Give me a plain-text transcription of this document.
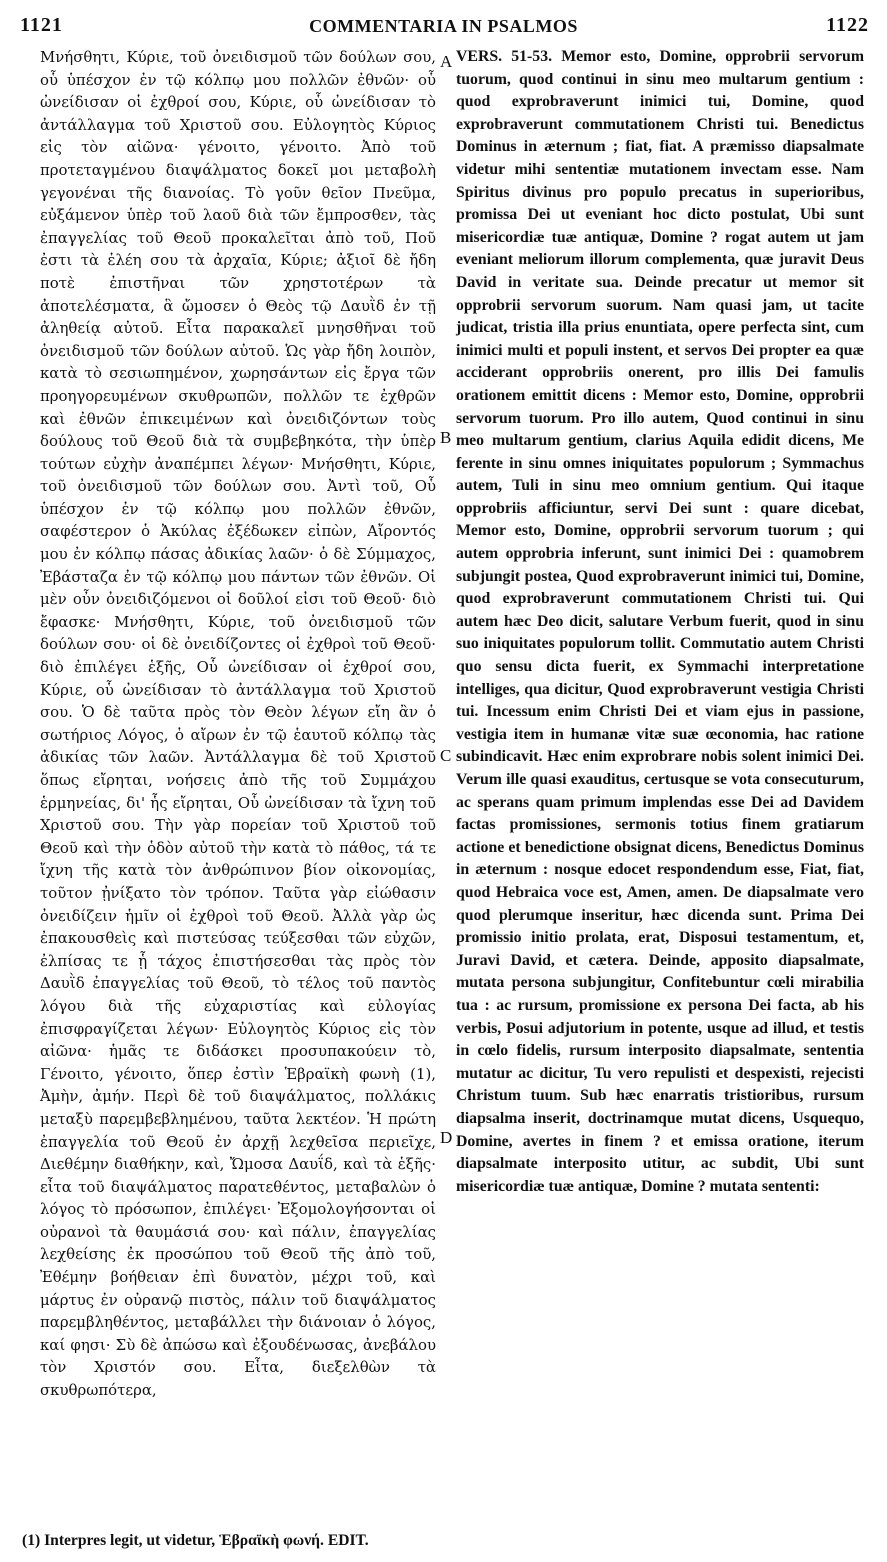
1121	COMMENTARIA IN PSALMOS	1122

Μνήσθητι, Κύριε, τοῦ ὀνειδισμοῦ τῶν δούλων σου, οὗ ὑπέσχον ἐν τῷ κόλπῳ μου πολλῶν ἐθνῶν· οὗ ὠνείδισαν οἱ ἐχθροί σου, Κύριε, οὗ ὠνείδισαν τὸ ἀντάλλαγμα τοῦ Χριστοῦ σου. Εὐλογητὸς Κύριος εἰς τὸν αἰῶνα· γένοιτο, γένοιτο. Ἀπὸ τοῦ προτεταγμένου διαψάλματος δοκεῖ μοι μεταβολὴ γεγονέναι τῆς διανοίας. Τὸ γοῦν θεῖον Πνεῦμα, εὐξάμενον ὑπὲρ τοῦ λαοῦ διὰ τῶν ἔμπροσθεν, τὰς ἐπαγγελίας τοῦ Θεοῦ προκαλεῖται ἀπὸ τοῦ, Ποῦ ἐστι τὰ ἐλέη σου τὰ ἀρχαῖα, Κύριε; ἀξιοῖ δὲ ἤδη ποτὲ ἐπιστῆναι τῶν χρηστοτέρων τὰ ἀποτελέσματα, ἃ ὤμοσεν ὁ Θεὸς τῷ Δαυῒδ ἐν τῇ ἀληθείᾳ αὐτοῦ. Εἶτα παρακαλεῖ μνησθῆναι τοῦ ὀνειδισμοῦ τῶν δούλων αὐτοῦ. Ὡς γὰρ ἤδη λοιπὸν, κατὰ τὸ σεσιωπημένον, χωρησάντων εἰς ἔργα τῶν προηγορευμένων σκυθρωπῶν, πολλῶν τε ἐχθρῶν καὶ ἐθνῶν ἐπικειμένων καὶ ὀνειδιζόντων τοὺς δούλους τοῦ Θεοῦ διὰ τὰ συμβεβηκότα, τὴν ὑπὲρ τούτων εὐχὴν ἀναπέμπει λέγων· Μνήσθητι, Κύριε, τοῦ ὀνειδισμοῦ τῶν δούλων σου. Ἀντὶ τοῦ, Οὗ ὑπέσχον ἐν τῷ κόλπῳ μου πολλῶν ἐθνῶν, σαφέστερον ὁ Ἀκύλας ἐξέδωκεν εἰπὼν, Αἴροντός μου ἐν κόλπῳ πάσας ἀδικίας λαῶν· ὁ δὲ Σύμμαχος, Ἐβάσταζα ἐν τῷ κόλπῳ μου πάντων τῶν ἐθνῶν. Οἱ μὲν οὖν ὀνειδιζόμενοι οἱ δοῦλοί εἰσι τοῦ Θεοῦ· διὸ ἔφασκε· Μνήσθητι, Κύριε, τοῦ ὀνειδισμοῦ τῶν δούλων σου· οἱ δὲ ὀνειδίζοντες οἱ ἐχθροὶ τοῦ Θεοῦ· διὸ ἐπιλέγει ἑξῆς, Οὗ ὠνείδισαν οἱ ἐχθροί σου, Κύριε, οὗ ὠνείδισαν τὸ ἀντάλλαγμα τοῦ Χριστοῦ σου. Ὁ δὲ ταῦτα πρὸς τὸν Θεὸν λέγων εἴη ἂν ὁ σωτήριος Λόγος, ὁ αἴρων ἐν τῷ ἑαυτοῦ κόλπῳ τὰς ἀδικίας τῶν λαῶν. Ἀντάλλαγμα δὲ τοῦ Χριστοῦ ὅπως εἴρηται, νοήσεις ἀπὸ τῆς τοῦ Συμμάχου ἑρμηνείας, δι' ἧς εἴρηται, Οὗ ὠνείδισαν τὰ ἴχνη τοῦ Χριστοῦ σου. Τὴν γὰρ πορείαν τοῦ Χριστοῦ τοῦ Θεοῦ καὶ τὴν ὁδὸν αὐτοῦ τὴν κατὰ τὸ πάθος, τά τε ἴχνη τῆς κατὰ τὸν ἀνθρώπινον βίον οἰκονομίας, τοῦτον ᾐνίξατο τὸν τρόπον. Ταῦτα γὰρ εἰώθασιν ὀνειδίζειν ἡμῖν οἱ ἐχθροὶ τοῦ Θεοῦ. Ἀλλὰ γὰρ ὡς ἐπακουσθεὶς καὶ πιστεύσας τεύξεσθαι τῶν εὐχῶν, ἐλπίσας τε ᾗ τάχος ἐπιστήσεσθαι τὰς πρὸς τὸν Δαυῒδ ἐπαγγελίας τοῦ Θεοῦ, τὸ τέλος τοῦ παντὸς λόγου διὰ τῆς εὐχαριστίας καὶ εὐλογίας ἐπισφραγίζεται λέγων· Εὐλογητὸς Κύριος εἰς τὸν αἰῶνα· ἡμᾶς τε διδάσκει προσυπακούειν τὸ, Γένοιτο, γένοιτο, ὅπερ ἐστὶν Ἑβραϊκὴ φωνὴ (1), Ἀμὴν, ἀμήν. Περὶ δὲ τοῦ διαψάλματος, πολλάκις μεταξὺ παρεμβεβλημένου, ταῦτα λεκτέον. Ἡ πρώτη ἐπαγγελία τοῦ Θεοῦ ἐν ἀρχῇ λεχθεῖσα περιεῖχε, Διεθέμην διαθήκην, καὶ, Ὤμοσα Δαυΐδ, καὶ τὰ ἑξῆς· εἶτα τοῦ διαψάλματος παρατεθέντος, μεταβαλὼν ὁ λόγος τὸ πρόσωπον, ἐπιλέγει· Ἐξομολογήσονται οἱ οὐρανοὶ τὰ θαυμάσιά σου· καὶ πάλιν, ἐπαγγελίας λεχθείσης ἐκ προσώπου τοῦ Θεοῦ τῆς ἀπὸ τοῦ, Ἐθέμην βοήθειαν ἐπὶ δυνατὸν, μέχρι τοῦ, καὶ μάρτυς ἐν οὐρανῷ πιστὸς, πάλιν τοῦ διαψάλματος παρεμβληθέντος, μεταβάλλει τὴν διάνοιαν ὁ λόγος, καί φησι· Σὺ δὲ ἀπώσω καὶ ἐξουδένωσας, ἀνεβάλου τὸν Χριστόν σου. Εἶτα, διεξελθὼν τὰ σκυθρωπότερα,

VERS. 51-53. Memor esto, Domine, opprobrii servorum tuorum, quod continui in sinu meo multarum gentium : quod exprobraverunt inimici tui, Domine, quod exprobraverunt commutationem Christi tui. Benedictus Dominus in æternum ; fiat, fiat. A præmisso diapsalmate videtur mihi sententiæ mutationem invectam esse. Nam Spiritus divinus pro populo precatus in superioribus, promissa Dei ut eveniant hoc dicto postulat, Ubi sunt misericordiæ tuæ antiquæ, Domine ? rogat autem ut jam eveniant meliorum illorum complementa, quæ juravit Deus David in veritate sua. Deinde precatur ut memor sit opprobrii servorum suorum. Nam quasi jam, ut tacite judicat, tristia illa prius enuntiata, opere perfecta sint, cum inimici multi et populi instent, et servos Dei propter ea quæ acciderant opprobriis onerent, pro illis Dei famulis orationem emittit dicens : Memor esto, Domine, opprobrii servorum tuorum. Pro illo autem, Quod continui in sinu meo multarum gentium, clarius Aquila edidit dicens, Me ferente in sinu omnes iniquitates populorum ; Symmachus autem, Tuli in sinu meo omnium gentium. Qui itaque opprobriis afficiuntur, servi Dei sunt : quare dicebat, Memor esto, Domine, opprobrii servorum tuorum ; qui autem opprobria inferunt, sunt inimici Dei : quamobrem subjungit postea, Quod exprobraverunt inimici tui, Domine, quod exprobraverunt commutationem Christi tui. Qui autem hæc Deo dicit, salutare Verbum fuerit, quod in sinu suo iniquitates populorum tollit. Commutatio autem Christi quo sensu dicta fuerit, ex Symmachi interpretatione intelliges, qua dicitur, Quod exprobraverunt vestigia Christi tui. Incessum enim Christi Dei et viam ejus in passione, vestigia item in humanæ vitæ suæ œconomia, hac ratione subindicavit. Hæc enim exprobrare nobis solent inimici Dei. Verum ille quasi exauditus, certusque se vota consecuturum, ac sperans quam primum implendas esse Dei ad Davidem factas promissiones, sermonis totius finem gratiarum actione et benedictione obsignat dicens, Benedictus Dominus in æternum : nosque edocet respondendum esse, Fiat, fiat, quod Hebraica voce est, Amen, amen. De diapsalmate vero quod plerumque inseritur, hæc dicenda sunt. Prima Dei promissio initio prolata, erat, Disposui testamentum, et, Juravi David, et cætera. Deinde, apposito diapsalmate, mutata persona subjungitur, Confitebuntur cœli mirabilia tua : ac rursum, promissione ex persona Dei facta, ab his verbis, Posui adjutorium in potente, usque ad illud, et testis in cœlo fidelis, rursum interposito diapsalmate, sententia mutatur ac dicitur, Tu vero repulisti et despexisti, rejecisti Christum tuum. Sub hæc enarratis tristioribus, rursum diapsalma inserit, doctrinamque mutat dicens, Usquequo, Domine, avertes in finem ? et emissa oratione, iterum diapsalmate interposito utitur, ac subdit, Ubi sunt misericordiæ tuæ antiquæ, Domine ? mutata sententi:

A
B
C
D
(1) Interpres legit, ut videtur, Ἑβραϊκὴ φωνή. EDIT.
